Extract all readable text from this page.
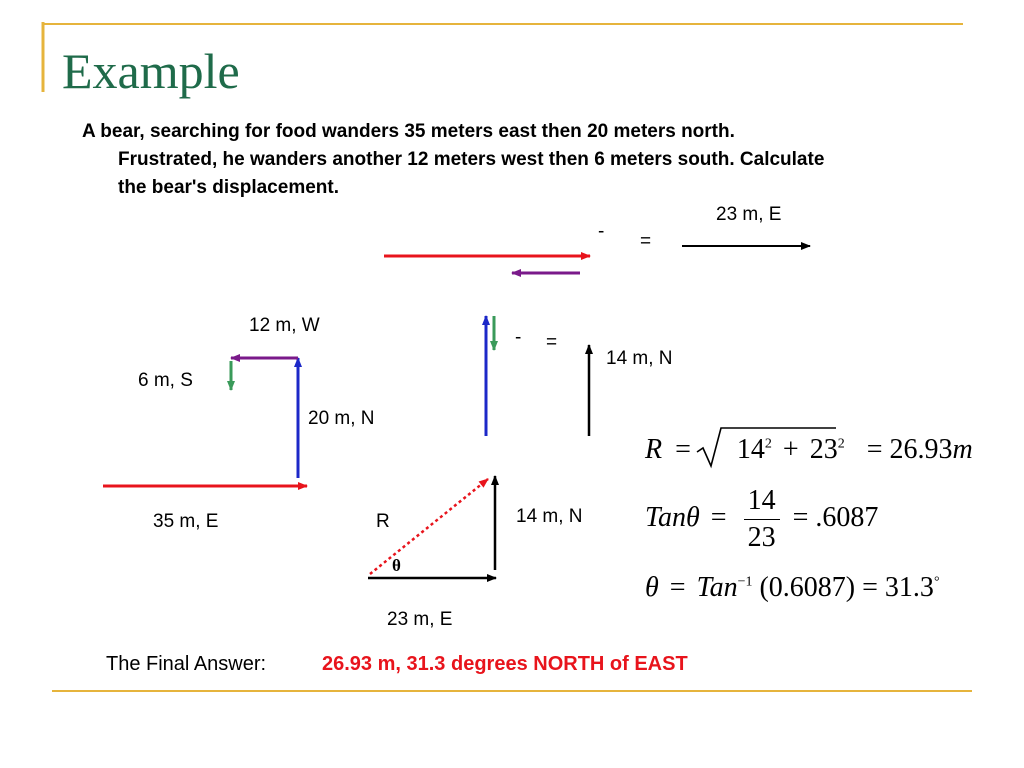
Example
A bear, searching for food wanders 35 meters east then 20 meters north.
Frustrated, he wanders another 12 meters west then 6 meters south. Calculate
the bear's displacement.
23 m, E
- =
12 m, W
6 m, S
20 m, N
35 m, E
- =
14 m, N
R
θ
14 m, N
23 m, E
$R = 14^2 + 23^2 = 26.93m$
$Tan\theta = \frac{14}{23} = .6087$
θ = Tan$^{-1}$ (0.6087) = 31.3°
The Final Answer:	26.93 m, 31.3 degrees NORTH of EAST
